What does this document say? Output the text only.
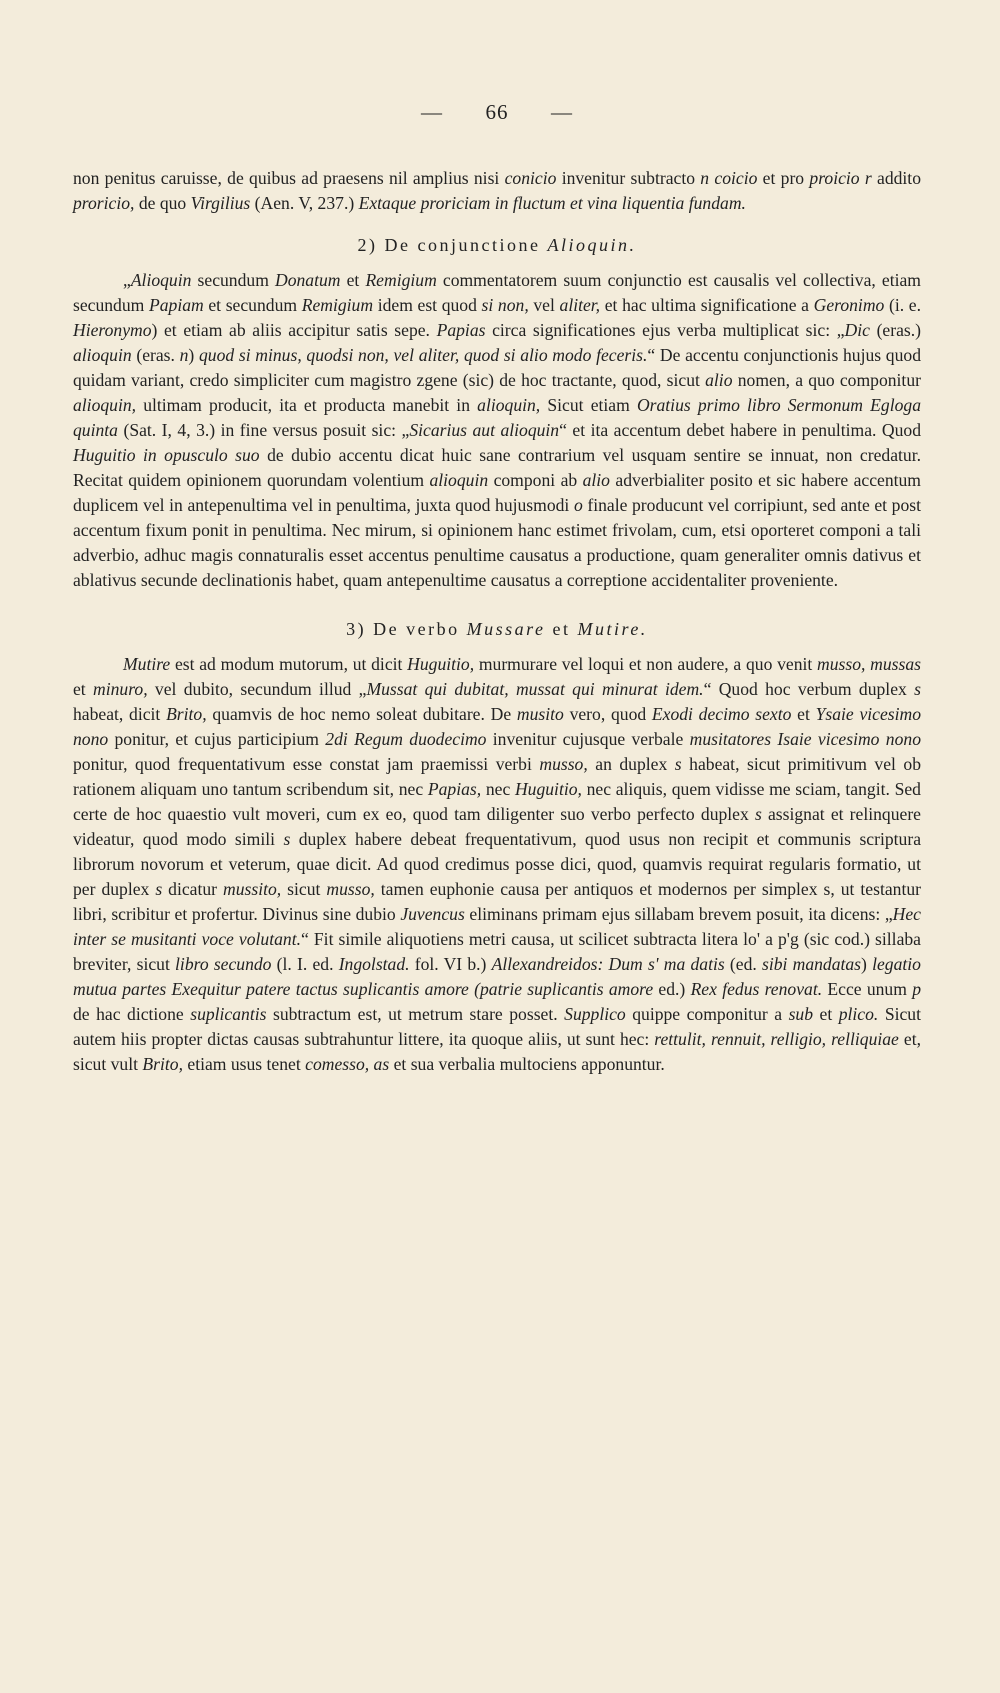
— 66 —

non penitus caruisse, de quibus ad praesens nil amplius nisi conicio invenitur subtracto n coicio et pro proicio r addito proricio, de quo Virgilius (Aen. V, 237.) Extaque proriciam in fluctum et vina liquentia fundam.

2) De conjunctione Alioquin.

„Alioquin secundum Donatum et Remigium commentatorem suum conjunctio est causalis vel collectiva, etiam secundum Papiam et secundum Remigium idem est quod si non, vel aliter, et hac ultima significatione a Geronimo (i. e. Hieronymo) et etiam ab aliis accipitur satis sepe. Papias circa significationes ejus verba multiplicat sic: „Dic (eras.) alioquin (eras. n) quod si minus, quodsi non, vel aliter, quod si alio modo feceris.“ De accentu conjunctionis hujus quod quidam variant, credo simpliciter cum magistro zgene (sic) de hoc tractante, quod, sicut alio nomen, a quo componitur alioquin, ultimam producit, ita et producta manebit in alioquin, Sicut etiam Oratius primo libro Sermonum Egloga quinta (Sat. I, 4, 3.) in fine versus posuit sic: „Sicarius aut alioquin“ et ita accentum debet habere in penultima. Quod Huguitio in opusculo suo de dubio accentu dicat huic sane contrarium vel usquam sentire se innuat, non credatur. Recitat quidem opinionem quorundam volentium alioquin componi ab alio adverbialiter posito et sic habere accentum duplicem vel in antepenultima vel in penultima, juxta quod hujusmodi o finale producunt vel corripiunt, sed ante et post accentum fixum ponit in penultima. Nec mirum, si opinionem hanc estimet frivolam, cum, etsi oporteret componi a tali adverbio, adhuc magis connaturalis esset accentus penultime causatus a productione, quam generaliter omnis dativus et ablativus secunde declinationis habet, quam antepenultime causatus a correptione accidentaliter proveniente.

3) De verbo Mussare et Mutire.

Mutire est ad modum mutorum, ut dicit Huguitio, murmurare vel loqui et non audere, a quo venit musso, mussas et minuro, vel dubito, secundum illud „Mussat qui dubitat, mussat qui minurat idem.“ Quod hoc verbum duplex s habeat, dicit Brito, quamvis de hoc nemo soleat dubitare. De musito vero, quod Exodi decimo sexto et Ysaie vicesimo nono ponitur, et cujus participium 2di Regum duodecimo invenitur cujusque verbale musitatores Isaie vicesimo nono ponitur, quod frequentativum esse constat jam praemissi verbi musso, an duplex s habeat, sicut primitivum vel ob rationem aliquam uno tantum scribendum sit, nec Papias, nec Huguitio, nec aliquis, quem vidisse me sciam, tangit. Sed certe de hoc quaestio vult moveri, cum ex eo, quod tam diligenter suo verbo perfecto duplex s assignat et relinquere videatur, quod modo simili s duplex habere debeat frequentativum, quod usus non recipit et communis scriptura librorum novorum et veterum, quae dicit. Ad quod credimus posse dici, quod, quamvis requirat regularis formatio, ut per duplex s dicatur mussito, sicut musso, tamen euphonie causa per antiquos et modernos per simplex s, ut testantur libri, scribitur et profertur. Divinus sine dubio Juvencus eliminans primam ejus sillabam brevem posuit, ita dicens: „Hec inter se musitanti voce volutant.“ Fit simile aliquotiens metri causa, ut scilicet subtracta litera lo' a p'g (sic cod.) sillaba breviter, sicut libro secundo (l. I. ed. Ingolstad. fol. VI b.) Allexandreidos: Dum s' ma datis (ed. sibi mandatas) legatio mutua partes Exequitur patere tactus suplicantis amore (patrie suplicantis amore ed.) Rex fedus renovat. Ecce unum p de hac dictione suplicantis subtractum est, ut metrum stare posset. Supplico quippe componitur a sub et plico. Sicut autem hiis propter dictas causas subtrahuntur littere, ita quoque aliis, ut sunt hec: rettulit, rennuit, relligio, relliquiae et, sicut vult Brito, etiam usus tenet comesso, as et sua verbalia multociens apponuntur.
